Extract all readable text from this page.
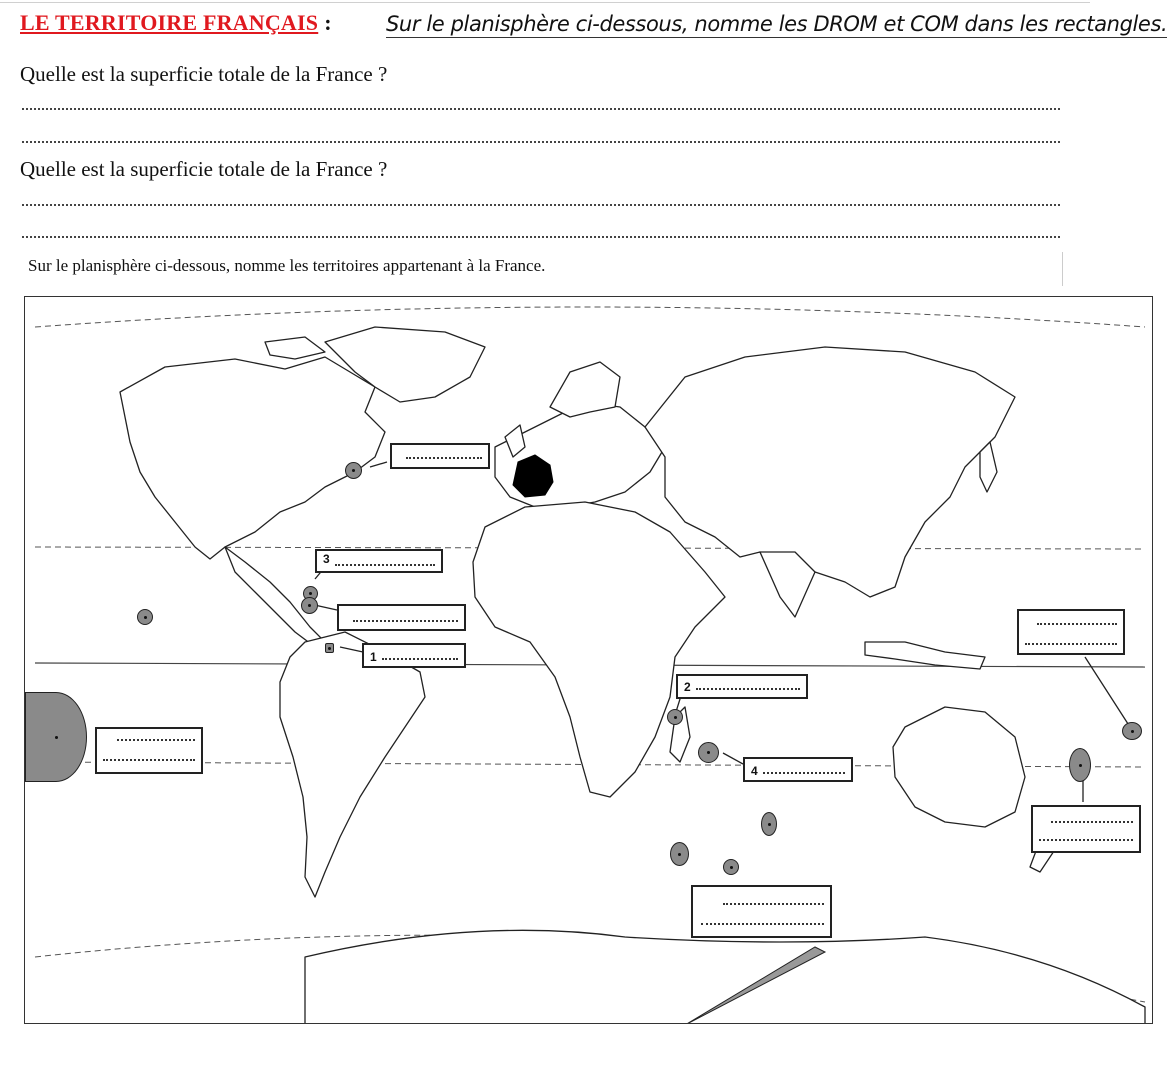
LE TERRITOIRE FRANÇAIS :	Sur le planisphère ci-dessous, nomme les DROM et COM dans les rectangles.
Quelle est la superficie totale de la France ?
Quelle est la superficie totale de la France ?
Sur le planisphère ci-dessous, nomme les territoires appartenant à la France.
3
1
2
4
